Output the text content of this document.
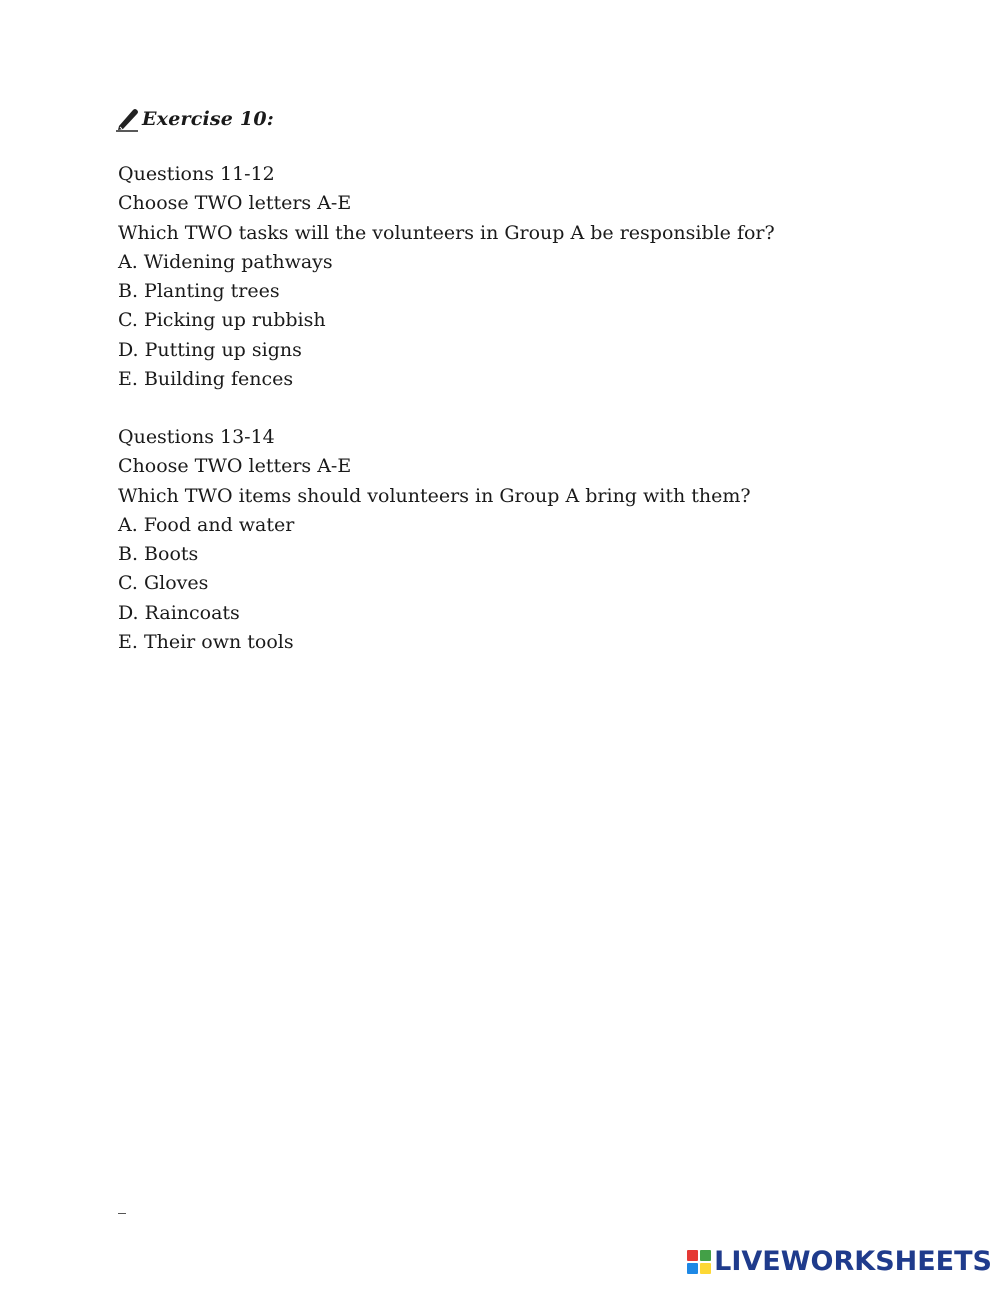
Exercise 10:
Questions 11-12
Choose TWO letters A-E
Which TWO tasks will the volunteers in Group A be responsible for?
A. Widening pathways
B. Planting trees
C. Picking up rubbish
D. Putting up signs
E. Building fences
Questions 13-14
Choose TWO letters A-E
Which TWO items should volunteers in Group A bring with them?
A. Food and water
B. Boots
C. Gloves
D. Raincoats
E. Their own tools
LIVEWORKSHEETS
